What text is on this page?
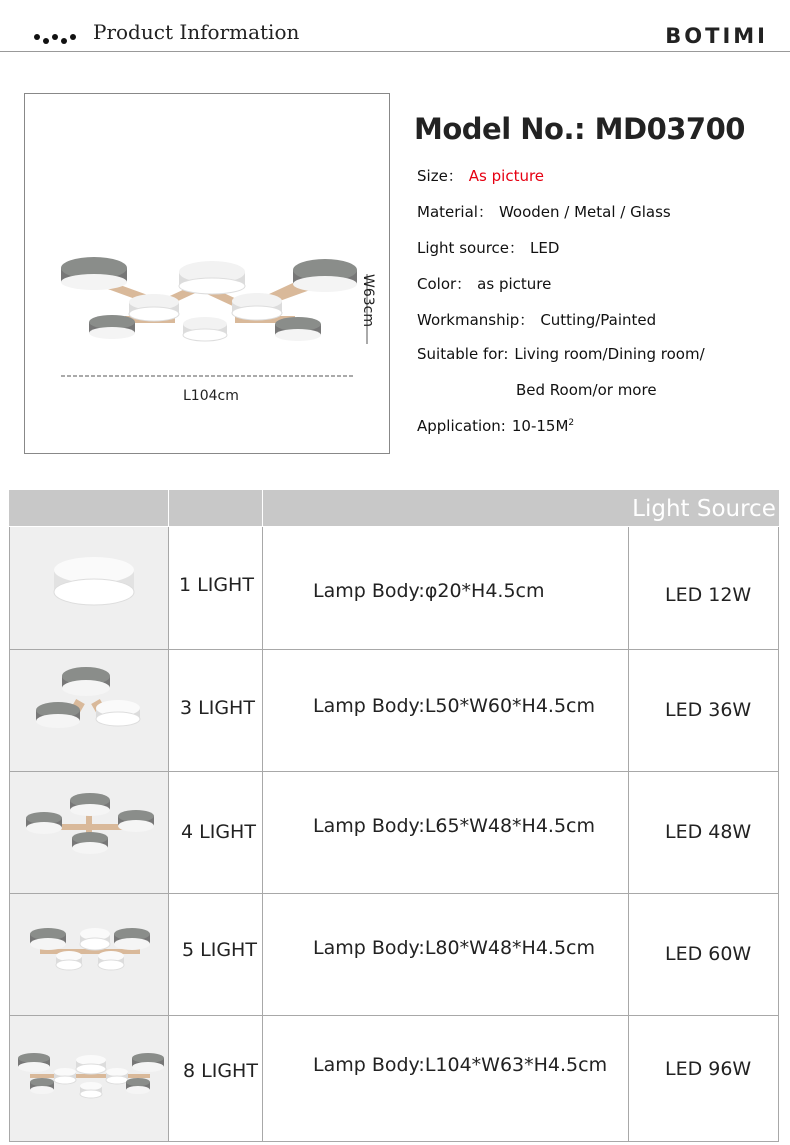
Product Information	BOTIMI
W63cm
L104cm
Model No.: MD03700
Size： As picture
Material： Wooden / Metal / Glass
Light source： LED
Color： as picture
Workmanship： Cutting/Painted
Suitable for: Living room/Dining room/
Bed Room/or more
Application: $10-15M^2$
Light Source
1 LIGHT	Lamp Body:φ20*H4.5cm	LED 12W
3 LIGHT	Lamp Body:L50*W60*H4.5cm	LED 36W
4 LIGHT	Lamp Body:L65*W48*H4.5cm	LED 48W
5 LIGHT	Lamp Body:L80*W48*H4.5cm	LED 60W
8 LIGHT	Lamp Body:L104*W63*H4.5cm	LED 96W
